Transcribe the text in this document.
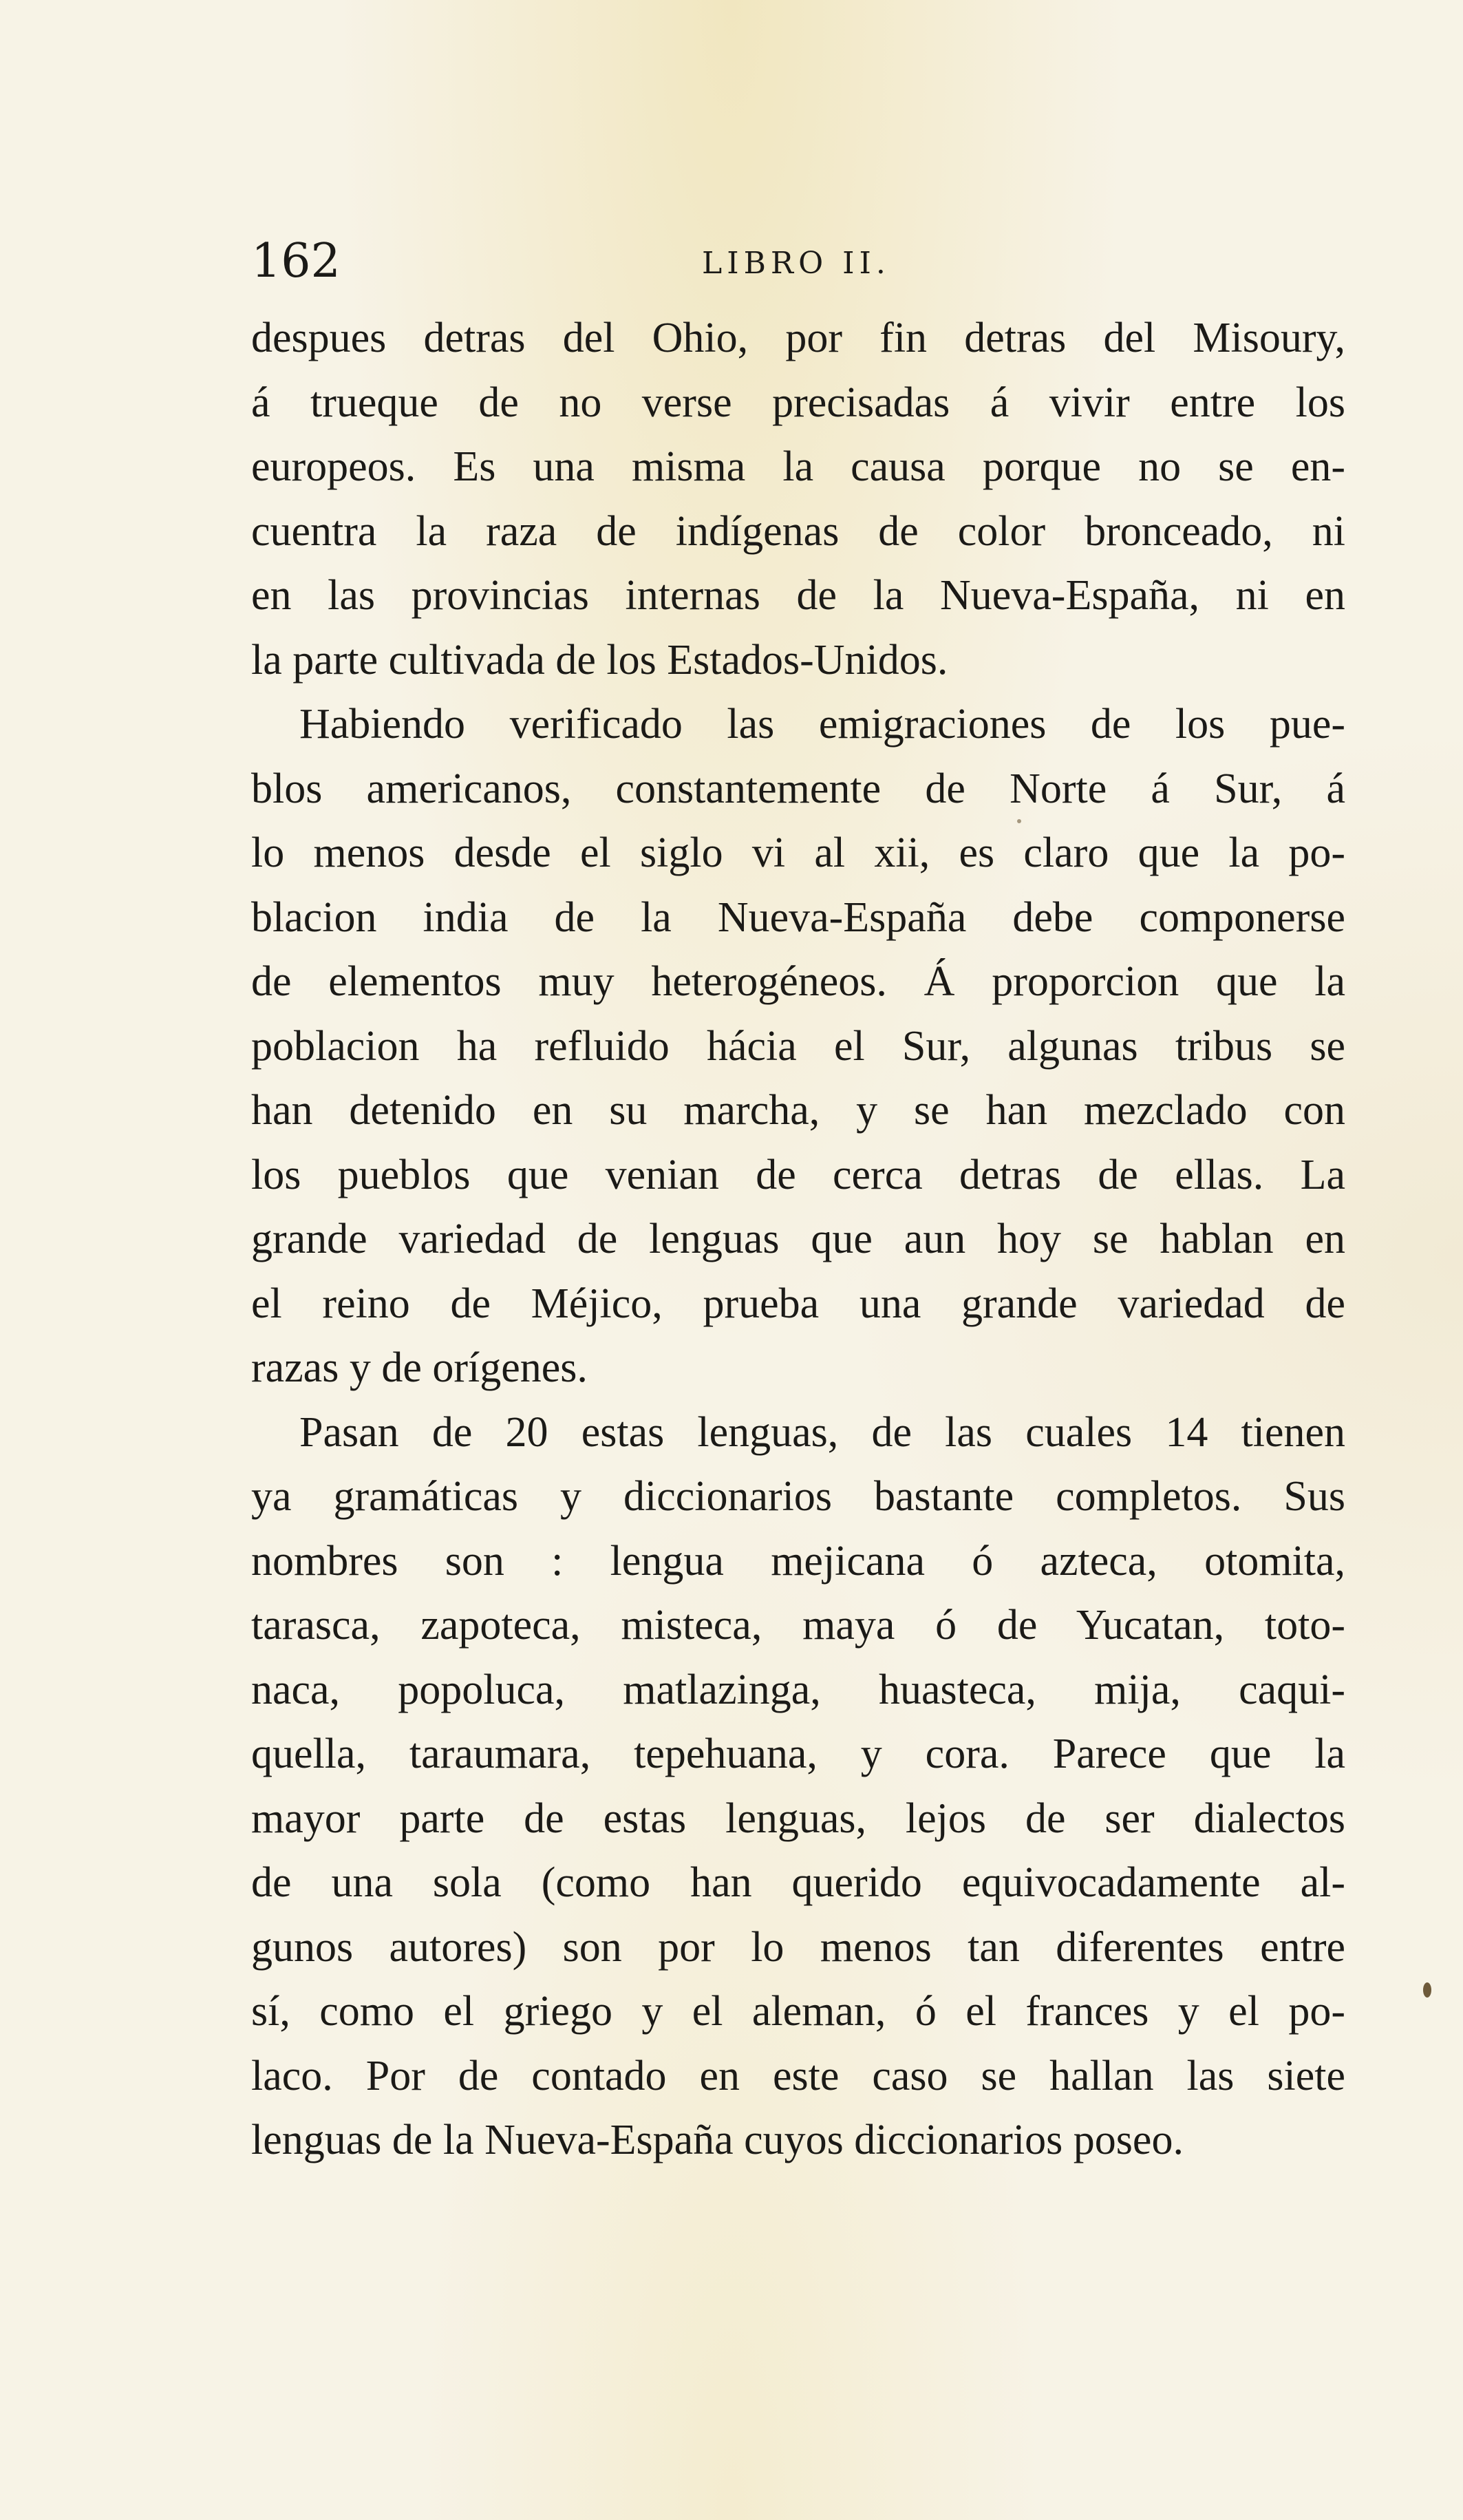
162	LIBRO II.
despues detras del Ohio, por fin detras del Misoury,
á trueque de no verse precisadas á vivir entre los
europeos. Es una misma la causa porque no se en-
cuentra la raza de indígenas de color bronceado, ni
en las provincias internas de la Nueva-España, ni en
la parte cultivada de los Estados-Unidos.
Habiendo verificado las emigraciones de los pue-
blos americanos, constantemente de Norte á Sur, á
lo menos desde el siglo vi al xii, es claro que la po-
blacion india de la Nueva-España debe componerse
de elementos muy heterogéneos. Á proporcion que la
poblacion ha refluido hácia el Sur, algunas tribus se
han detenido en su marcha, y se han mezclado con
los pueblos que venian de cerca detras de ellas. La
grande variedad de lenguas que aun hoy se hablan en
el reino de Méjico, prueba una grande variedad de
razas y de orígenes.
Pasan de 20 estas lenguas, de las cuales 14 tienen
ya gramáticas y diccionarios bastante completos. Sus
nombres son : lengua mejicana ó azteca, otomita,
tarasca, zapoteca, misteca, maya ó de Yucatan, toto-
naca, popoluca, matlazinga, huasteca, mija, caqui-
quella, taraumara, tepehuana, y cora. Parece que la
mayor parte de estas lenguas, lejos de ser dialectos
de una sola (como han querido equivocadamente al-
gunos autores) son por lo menos tan diferentes entre
sí, como el griego y el aleman, ó el frances y el po-
laco. Por de contado en este caso se hallan las siete
lenguas de la Nueva-España cuyos diccionarios poseo.
